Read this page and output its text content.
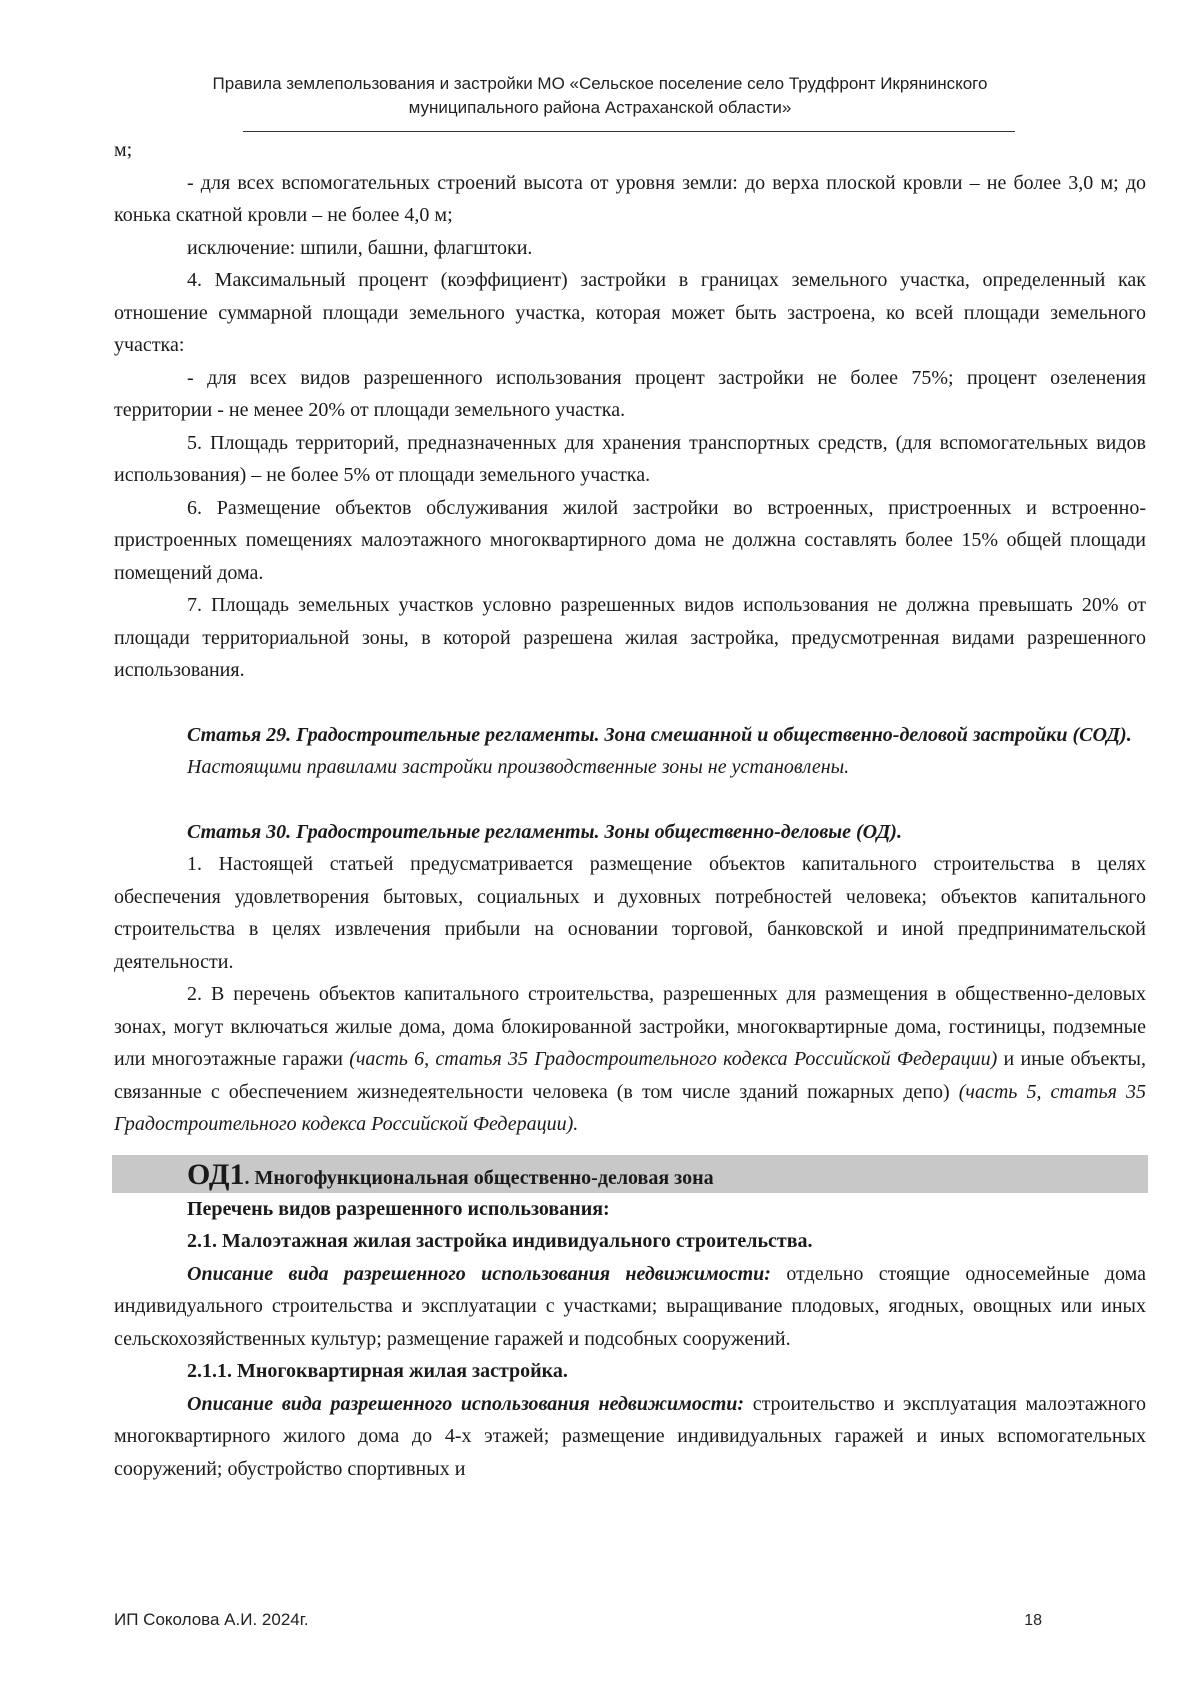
Правила землепользования и застройки МО «Сельское поселение село Трудфронт Икрянинского
муниципального района Астраханской области»

м;

- для всех вспомогательных строений высота от уровня земли: до верха плоской кровли – не более 3,0 м; до конька скатной кровли – не более 4,0 м;

исключение: шпили, башни, флагштоки.

4. Максимальный процент (коэффициент) застройки в границах земельного участка, определенный как отношение суммарной площади земельного участка, которая может быть застроена, ко всей площади земельного участка:

- для всех видов разрешенного использования процент застройки не более 75%; процент озеленения территории - не менее 20% от площади земельного участка.

5. Площадь территорий, предназначенных для хранения транспортных средств, (для вспомогательных видов использования) – не более 5% от площади земельного участка.

6. Размещение объектов обслуживания жилой застройки во встроенных, пристроенных и встроенно- пристроенных помещениях малоэтажного многоквартирного дома не должна составлять более 15% общей площади помещений дома.

7. Площадь земельных участков условно разрешенных видов использования не должна превышать 20% от площади территориальной зоны, в которой разрешена жилая застройка, предусмотренная видами разрешенного использования.

Статья 29. Градостроительные регламенты. Зона смешанной и общественно-деловой застройки (СОД).

Настоящими правилами застройки производственные зоны не установлены.

Статья 30. Градостроительные регламенты. Зоны общественно-деловые (ОД).

1. Настоящей статьей предусматривается размещение объектов капитального строительства в целях обеспечения удовлетворения бытовых, социальных и духовных потребностей человека; объектов капитального строительства в целях извлечения прибыли на основании торговой, банковской и иной предпринимательской деятельности.

2. В перечень объектов капитального строительства, разрешенных для размещения в общественно-деловых зонах, могут включаться жилые дома, дома блокированной застройки, многоквартирные дома, гостиницы, подземные или многоэтажные гаражи (часть 6, статья 35 Градостроительного кодекса Российской Федерации) и иные объекты, связанные с обеспечением жизнедеятельности человека (в том числе зданий пожарных депо) (часть 5, статья 35 Градостроительного кодекса Российской Федерации).

ОД1. Многофункциональная общественно-деловая зона

Перечень видов разрешенного использования:

2.1. Малоэтажная жилая застройка индивидуального строительства.

Описание вида разрешенного использования недвижимости: отдельно стоящие односемейные дома индивидуального строительства и эксплуатации с участками; выращивание плодовых, ягодных, овощных или иных сельскохозяйственных культур; размещение гаражей и подсобных сооружений.

2.1.1. Многоквартирная жилая застройка.

Описание вида разрешенного использования недвижимости: строительство и эксплуатация малоэтажного многоквартирного жилого дома до 4-х этажей; размещение индивидуальных гаражей и иных вспомогательных сооружений; обустройство спортивных и

ИП Соколова А.И. 2024г.	18
